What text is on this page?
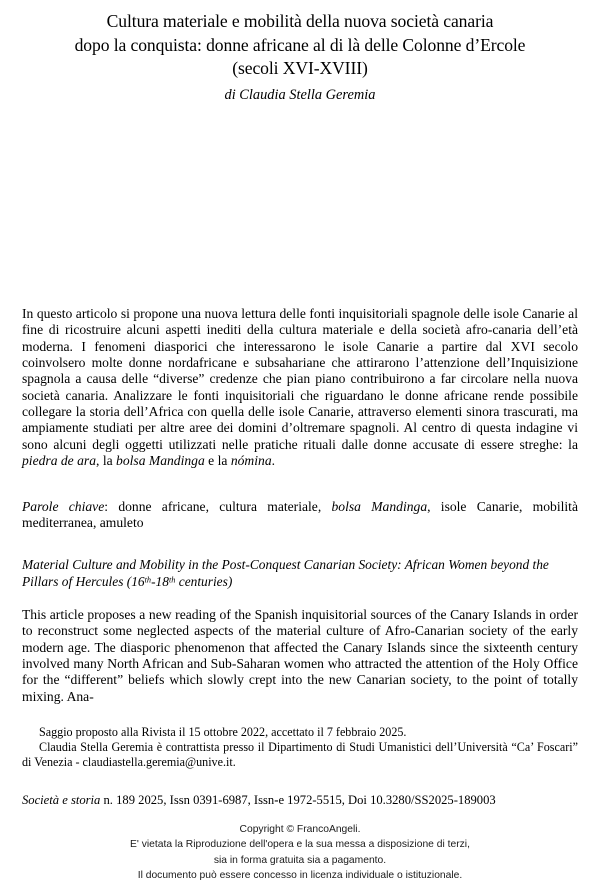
Cultura materiale e mobilità della nuova società canaria
dopo la conquista: donne africane al di là delle Colonne d’Ercole
(secoli XVI-XVIII)
di Claudia Stella Geremia
In questo articolo si propone una nuova lettura delle fonti inquisitoriali spagnole delle isole Canarie al fine di ricostruire alcuni aspetti inediti della cultura materiale e della società afro-canaria dell’età moderna. I fenomeni diasporici che interessarono le isole Canarie a partire dal XVI secolo coinvolsero molte donne nordafricane e subsahariane che attirarono l’attenzione dell’Inquisizione spagnola a causa delle “diverse” credenze che pian piano contribuirono a far circolare nella nuova società canaria. Analizzare le fonti inquisitoriali che riguardano le donne africane rende possibile collegare la storia dell’Africa con quella delle isole Canarie, attraverso elementi sinora trascurati, ma ampiamente studiati per altre aree dei domini d’oltremare spagnoli. Al centro di questa indagine vi sono alcuni degli oggetti utilizzati nelle pratiche rituali dalle donne accusate di essere streghe: la piedra de ara, la bolsa Mandinga e la nómina.
Parole chiave: donne africane, cultura materiale, bolsa Mandinga, isole Canarie, mobilità mediterranea, amuleto
Material Culture and Mobility in the Post-Conquest Canarian Society: African Women beyond the Pillars of Hercules (16th-18th centuries)
This article proposes a new reading of the Spanish inquisitorial sources of the Canary Islands in order to reconstruct some neglected aspects of the material culture of Afro-Canarian society of the early modern age. The diasporic phenomenon that affected the Canary Islands since the sixteenth century involved many North African and Sub-Saharan women who attracted the attention of the Holy Office for the “different” beliefs which slowly crept into the new Canarian society, to the point of totally mixing. Ana-

Saggio proposto alla Rivista il 15 ottobre 2022, accettato il 7 febbraio 2025.

Claudia Stella Geremia è contrattista presso il Dipartimento di Studi Umanistici dell’Università “Ca’ Foscari” di Venezia - claudiastella.geremia@unive.it.

Società e storia n. 189 2025, Issn 0391-6987, Issn-e 1972-5515, Doi 10.3280/SS2025-189003
Copyright © FrancoAngeli.
E' vietata la Riproduzione dell'opera e la sua messa a disposizione di terzi,
sia in forma gratuita sia a pagamento.
Il documento può essere concesso in licenza individuale o istituzionale.
